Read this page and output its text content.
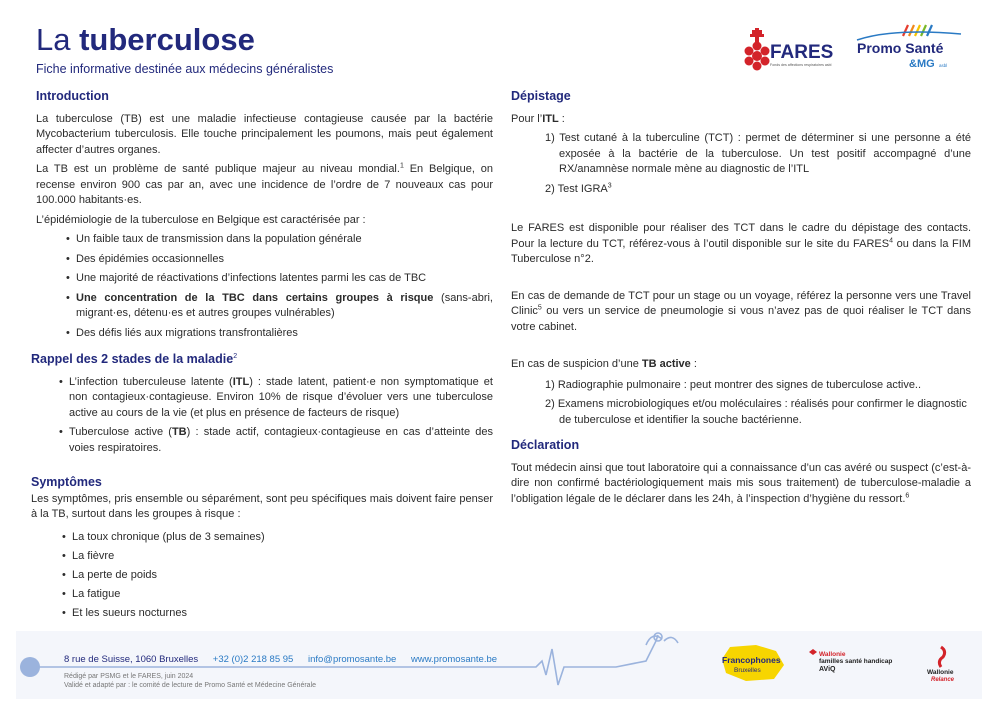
La tuberculose
Fiche informative destinée aux médecins généralistes
FARES
Fonds des affections respiratoires asbl
Promo Santé
&MG asbl
Introduction

La tuberculose (TB) est une maladie infectieuse contagieuse causée par la bactérie Mycobacterium tuberculosis. Elle touche principalement les poumons, mais peut également affecter d’autres organes.

La TB est un problème de santé publique majeur au niveau mondial.$^1$ En Belgique, on recense environ 900 cas par an, avec une incidence de l’ordre de 7 nouveaux cas pour 100.000 habitants·es.

L’épidémiologie de la tuberculose en Belgique est caractérisée par :

• Un faible taux de transmission dans la population générale
• Des épidémies occasionnelles
• Une majorité de réactivations d’infections latentes parmi les cas de TBC
• Une concentration de la TBC dans certains groupes à risque (sans-abri, migrant·es, détenu·es et autres groupes vulnérables)
• Des défis liés aux migrations transfrontalières
Rappel des 2 stades de la maladie$^2$
• L’infection tuberculeuse latente (ITL) : stade latent, patient·e non symptomatique et non contagieux·contagieuse. Environ 10% de risque d’évoluer vers une tuberculose active au cours de la vie (et plus en présence de facteurs de risque)
• Tuberculose active (TB) : stade actif, contagieux·contagieuse en cas d’atteinte des voies respiratoires.
Symptômes

Les symptômes, pris ensemble ou séparément, sont peu spécifiques mais doivent faire penser à la TB, surtout dans les groupes à risque :

• La toux chronique (plus de 3 semaines)
• La fièvre
• La perte de poids
• La fatigue
• Et les sueurs nocturnes
Dépistage

Pour l’ITL :

1) Test cutané à la tuberculine (TCT) : permet de déterminer si une personne a été exposée à la bactérie de la tuberculose. Un test positif accompagné d’une RX/anamnèse normale mène au diagnostic de l’ITL
2) Test IGRA$^3$

Le FARES est disponible pour réaliser des TCT dans le cadre du dépistage des contacts. Pour la lecture du TCT, référez-vous à l’outil disponible sur le site du FARES$^4$ ou dans la FIM Tuberculose n°2.

En cas de demande de TCT pour un stage ou un voyage, référez la personne vers une Travel Clinic$^5$ ou vers un service de pneumologie si vous n’avez pas de quoi réaliser le TCT dans votre cabinet.

En cas de suspicion d’une TB active :

1) Radiographie pulmonaire : peut montrer des signes de tuberculose active..
2) Examens microbiologiques et/ou moléculaires : réalisés pour confirmer le diagnostic de tuberculose et identifier la souche bactérienne.
Déclaration

Tout médecin ainsi que tout laboratoire qui a connaissance d’un cas avéré ou suspect (c’est-à-dire non confirmé bactériologiquement mais mis sous traitement) de tuberculose-maladie a l’obligation légale de le déclarer dans les 24h, à l’inspection d’hygiène du ressort.$^6$

8 rue de Suisse, 1060 Bruxelles +32 (0)2 218 85 95 info@promosante.be www.promosante.be
Rédigé par PSMG et le FARES, juin 2024
Validé et adapté par : le comité de lecture de Promo Santé et Médecine Générale
Francophones
Bruxelles
Wallonie
familles santé handicap
AViQ	Wallonie
Relance
